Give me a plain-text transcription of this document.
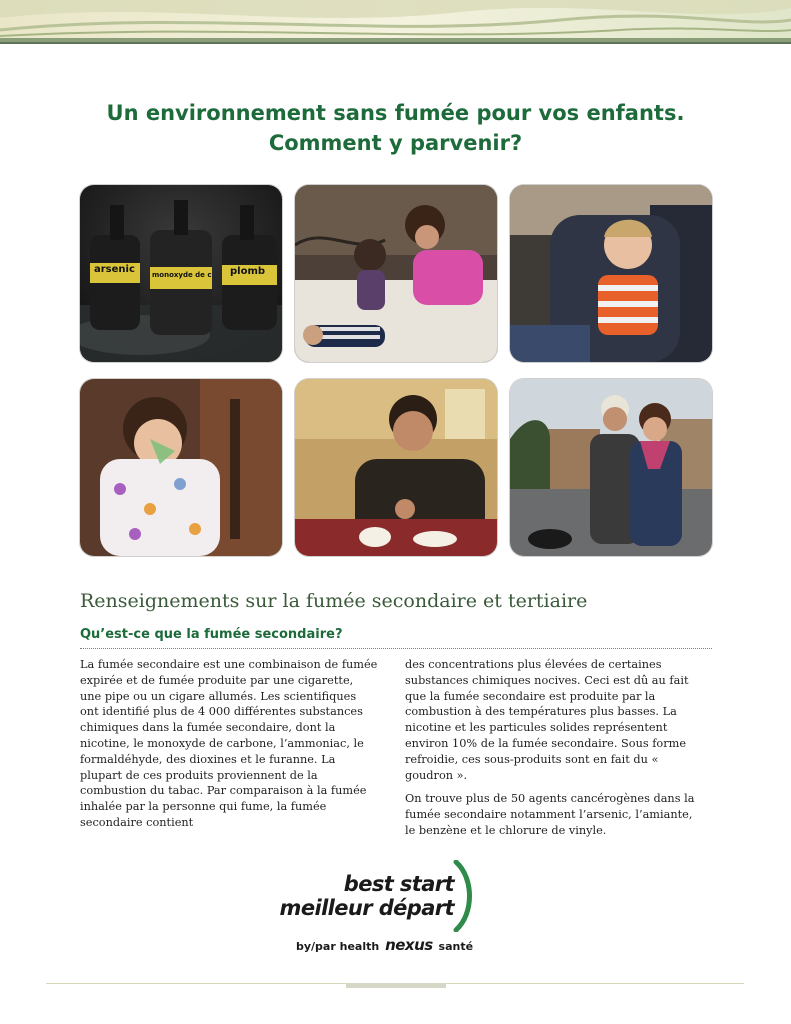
Un environnement sans fumée pour vos enfants.
Comment y parvenir?
arsenic monoxyde de c plomb
Renseignements sur la fumée secondaire et tertiaire
Qu’est-ce que la fumée secondaire?

La fumée secondaire est une combinaison de fumée expirée et de fumée produite par une cigarette, une pipe ou un cigare allumés. Les scientifiques ont identifié plus de 4 000 différentes substances chimiques dans la fumée secondaire, dont la nicotine, le monoxyde de carbone, l’ammoniac, le formaldéhyde, des dioxines et le furanne. La plupart de ces produits proviennent de la combustion du tabac. Par comparaison à la fumée inhalée par la personne qui fume, la fumée secondaire contient

des concentrations plus élevées de certaines substances chimiques nocives. Ceci est dû au fait que la fumée secondaire est produite par la combustion à des températures plus basses. La nicotine et les particules solides représentent environ 10% de la fumée secondaire. Sous forme refroidie, ces sous-produits sont en fait du « goudron ».

On trouve plus de 50 agents cancérogènes dans la fumée secondaire notamment l’arsenic, l’amiante, le benzène et le chlorure de vinyle.

best start
meilleur départ
by/par health nexus santé
